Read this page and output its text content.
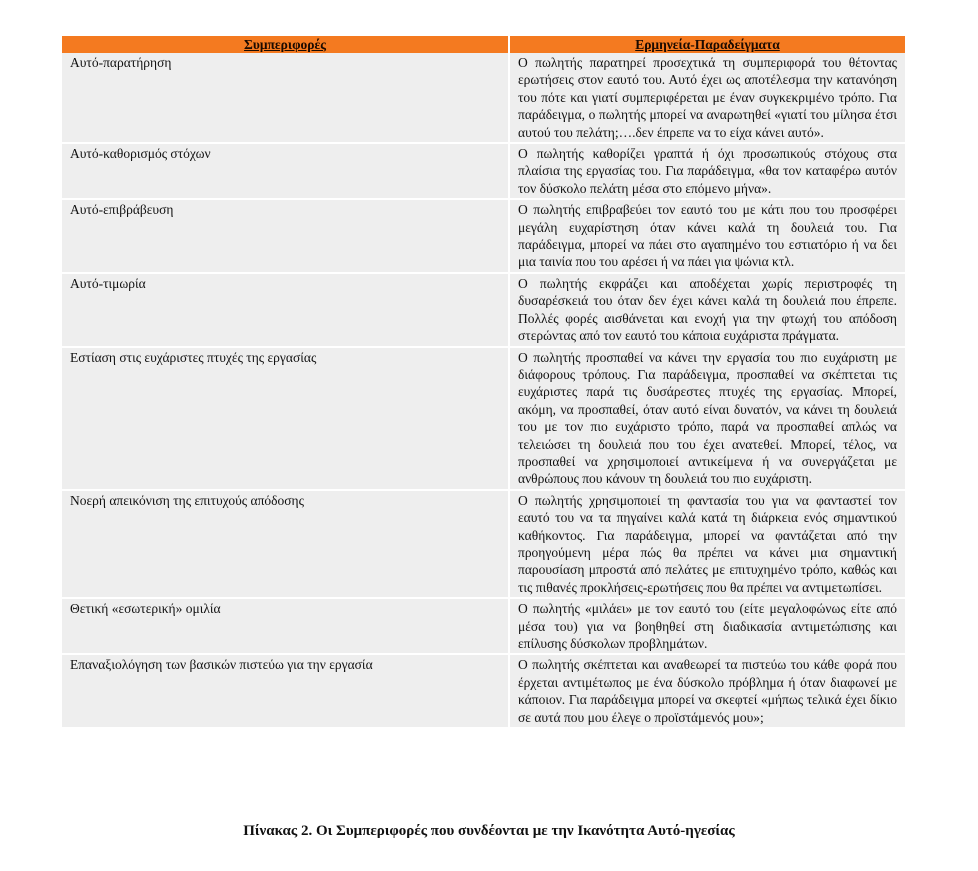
Συμπεριφορές	Ερμηνεία-Παραδείγματα
Αυτό-παρατήρηση	Ο πωλητής παρατηρεί προσεχτικά τη συμπεριφορά του θέτοντας ερωτήσεις στον εαυτό του. Αυτό έχει ως αποτέλεσμα την κατανόηση του πότε και γιατί συμπεριφέρεται με έναν συγκεκριμένο τρόπο. Για παράδειγμα, ο πωλητής μπορεί να αναρωτηθεί «γιατί του μίλησα έτσι αυτού του πελάτη;….δεν έπρεπε να το είχα κάνει αυτό».
Αυτό-καθορισμός στόχων	Ο πωλητής καθορίζει γραπτά ή όχι προσωπικούς στόχους στα πλαίσια της εργασίας του. Για παράδειγμα, «θα τον καταφέρω αυτόν τον δύσκολο πελάτη μέσα στο επόμενο μήνα».
Αυτό-επιβράβευση	Ο πωλητής επιβραβεύει τον εαυτό του με κάτι που του προσφέρει μεγάλη ευχαρίστηση όταν κάνει καλά τη δουλειά του. Για παράδειγμα, μπορεί να πάει στο αγαπημένο του εστιατόριο ή να δει μια ταινία που του αρέσει ή να πάει για ψώνια κτλ.
Αυτό-τιμωρία	Ο πωλητής εκφράζει και αποδέχεται χωρίς περιστροφές τη δυσαρέσκειά του όταν δεν έχει κάνει καλά τη δουλειά που έπρεπε. Πολλές φορές αισθάνεται και ενοχή για την φτωχή του απόδοση στερώντας από τον εαυτό του κάποια ευχάριστα πράγματα.
Εστίαση στις ευχάριστες πτυχές της εργασίας	Ο πωλητής προσπαθεί να κάνει την εργασία του πιο ευχάριστη με διάφορους τρόπους. Για παράδειγμα, προσπαθεί να σκέπτεται τις ευχάριστες παρά τις δυσάρεστες πτυχές της εργασίας. Μπορεί, ακόμη, να προσπαθεί, όταν αυτό είναι δυνατόν, να κάνει τη δουλειά του με τον πιο ευχάριστο τρόπο, παρά να προσπαθεί απλώς να τελειώσει τη δουλειά που του έχει ανατεθεί. Μπορεί, τέλος, να προσπαθεί να χρησιμοποιεί αντικείμενα ή να συνεργάζεται με ανθρώπους που κάνουν τη δουλειά του πιο ευχάριστη.
Νοερή απεικόνιση της επιτυχούς απόδοσης	Ο πωλητής χρησιμοποιεί τη φαντασία του για να φανταστεί τον εαυτό του να τα πηγαίνει καλά κατά τη διάρκεια ενός σημαντικού καθήκοντος. Για παράδειγμα, μπορεί να φαντάζεται από την προηγούμενη μέρα πώς θα πρέπει να κάνει μια σημαντική παρουσίαση μπροστά από πελάτες με επιτυχημένο τρόπο, καθώς και τις πιθανές προκλήσεις-ερωτήσεις που θα πρέπει να αντιμετωπίσει.
Θετική «εσωτερική» ομιλία	Ο πωλητής «μιλάει» με τον εαυτό του (είτε μεγαλοφώνως είτε από μέσα του) για να βοηθηθεί στη διαδικασία αντιμετώπισης και επίλυσης δύσκολων προβλημάτων.
Επαναξιολόγηση των βασικών πιστεύω για την εργασία	Ο πωλητής σκέπτεται και αναθεωρεί τα πιστεύω του κάθε φορά που έρχεται αντιμέτωπος με ένα δύσκολο πρόβλημα ή όταν διαφωνεί με κάποιον. Για παράδειγμα μπορεί να σκεφτεί «μήπως τελικά έχει δίκιο σε αυτά που μου έλεγε ο προϊστάμενός μου»;
Πίνακας 2. Οι Συμπεριφορές που συνδέονται με την Ικανότητα Αυτό-ηγεσίας
